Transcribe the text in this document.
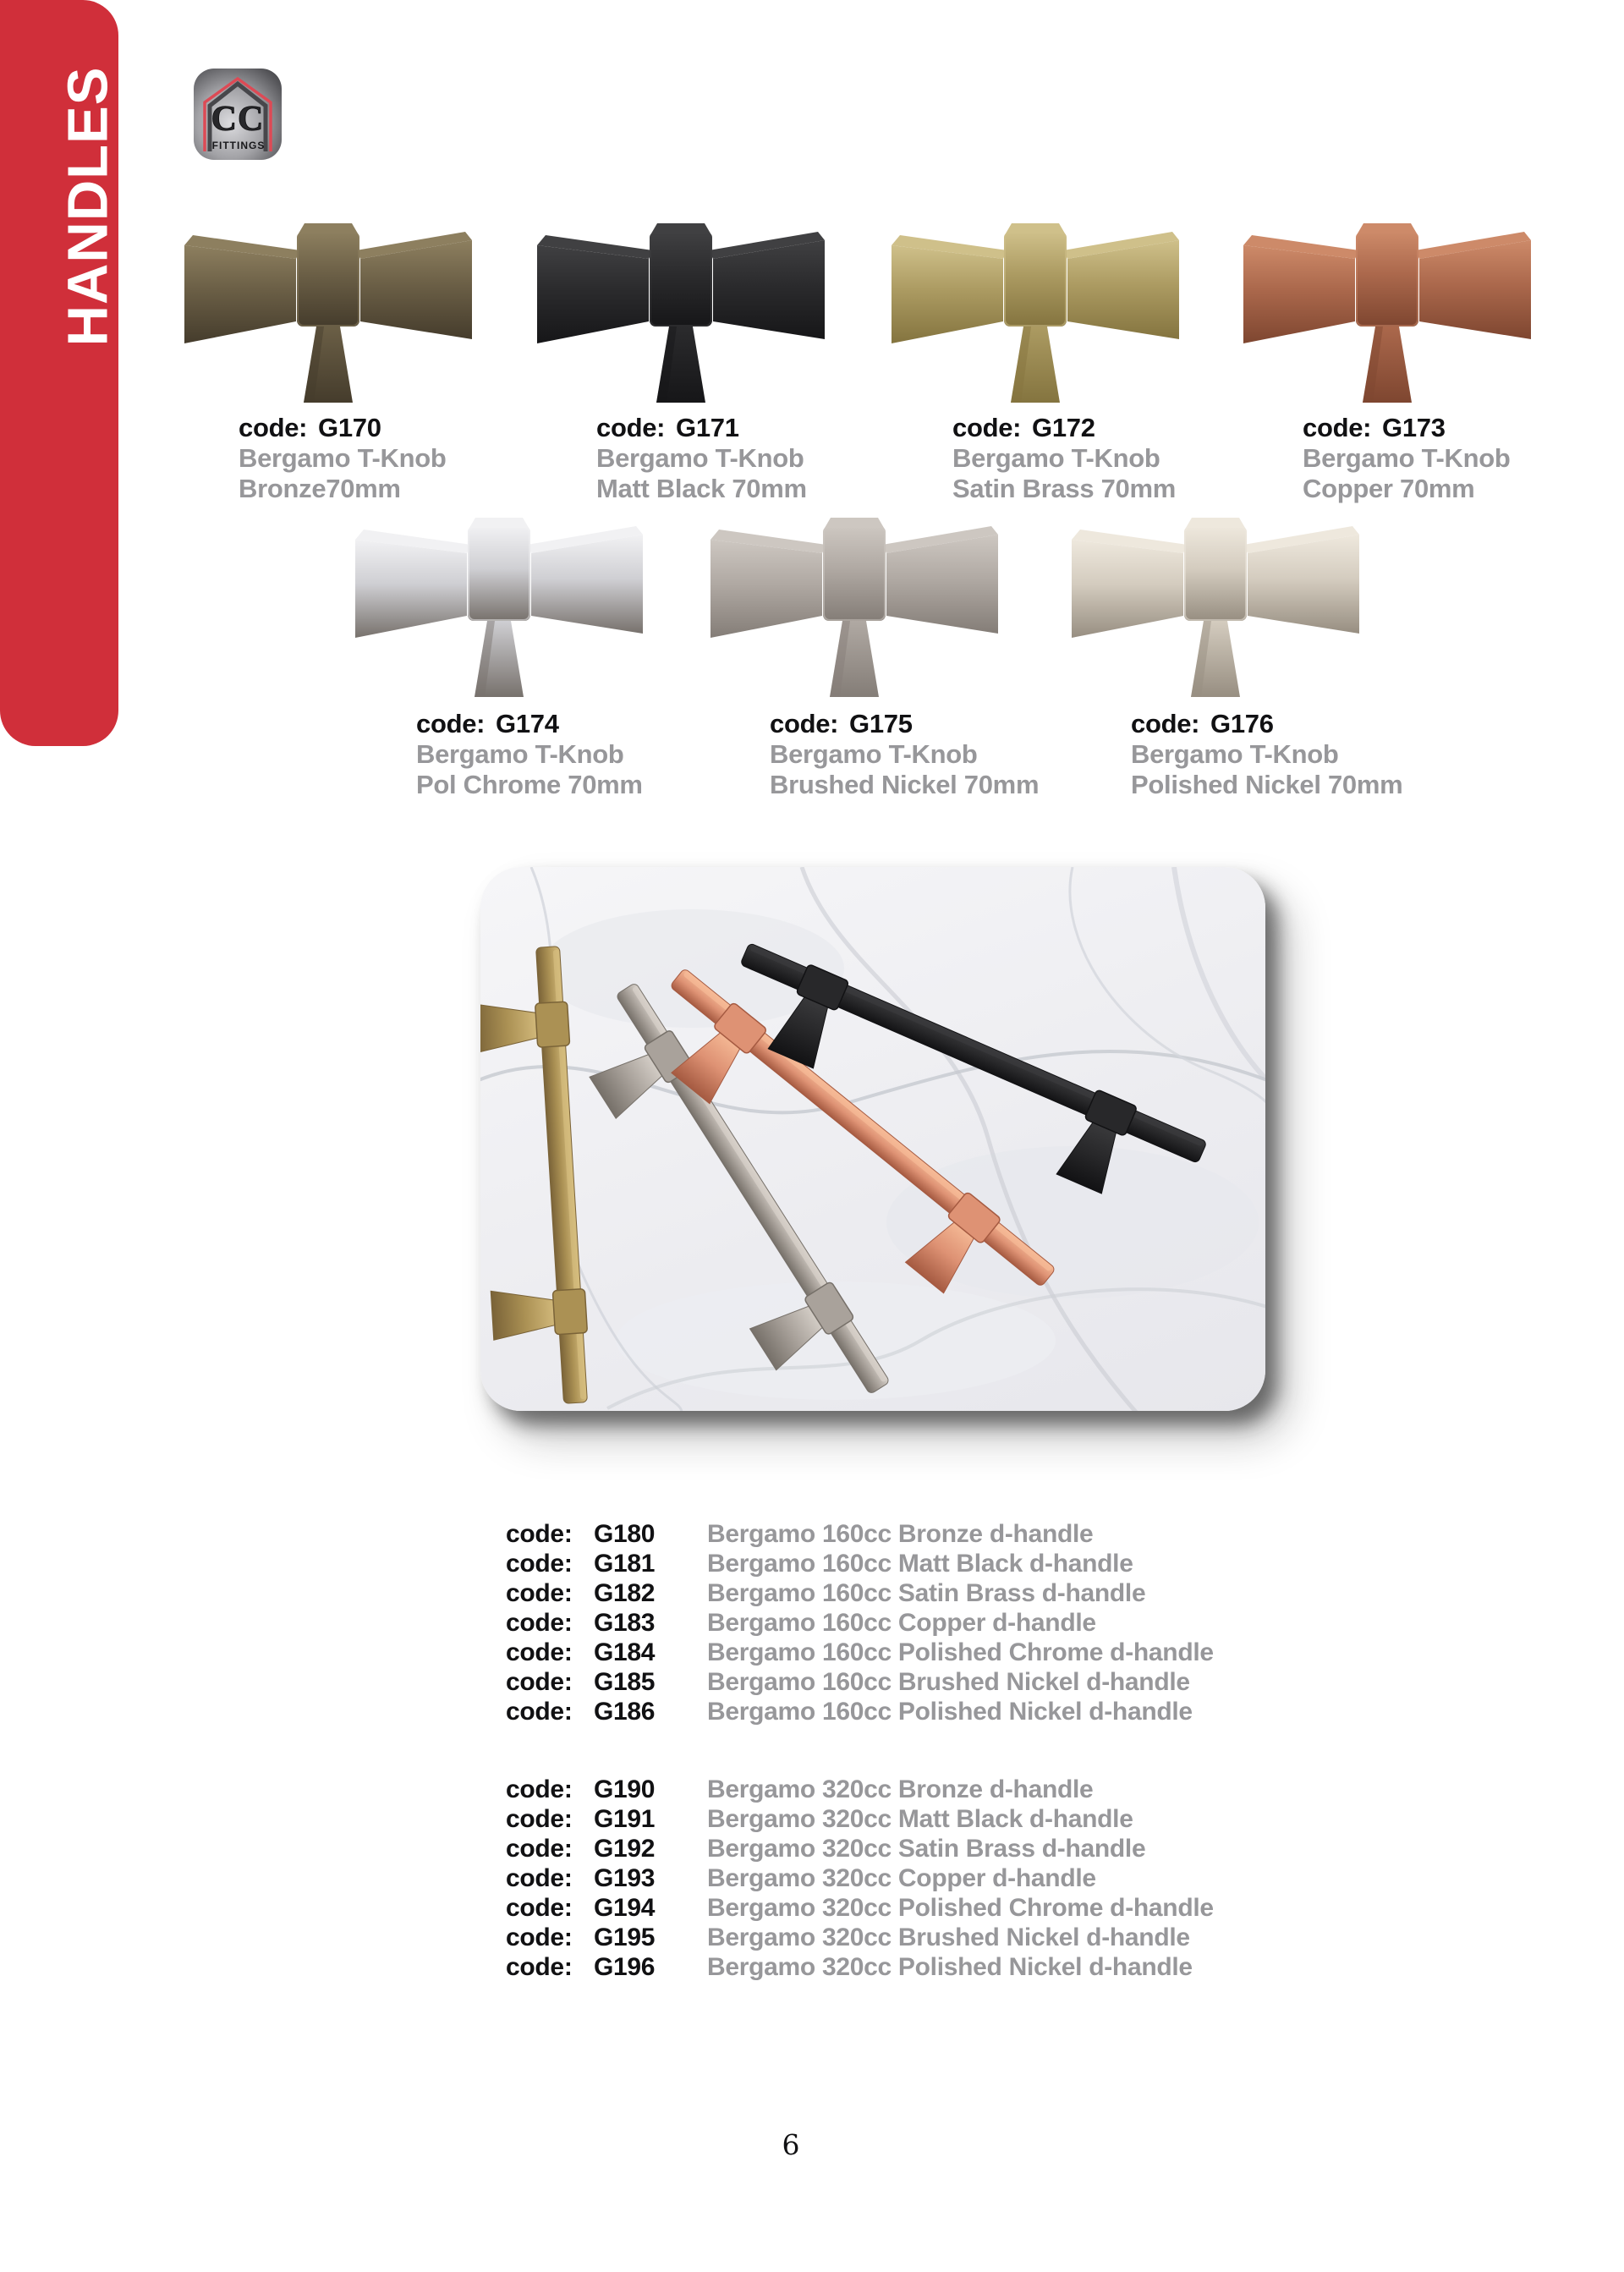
HANDLES	CC
FITTINGS
code: G170
Bergamo T-Knob
Bronze70mm
code: G171
Bergamo T-Knob
Matt Black 70mm
code: G172
Bergamo T-Knob
Satin Brass 70mm
code: G173
Bergamo T-Knob
Copper 70mm
code: G174
Bergamo T-Knob
Pol Chrome 70mm
code: G175
Bergamo T-Knob
Brushed Nickel 70mm
code: G176
Bergamo T-Knob
Polished Nickel 70mm
code: G180	Bergamo 160cc Bronze d-handle
code: G181	Bergamo 160cc Matt Black d-handle
code: G182	Bergamo 160cc Satin Brass d-handle
code: G183	Bergamo 160cc Copper d-handle
code: G184	Bergamo 160cc Polished Chrome d-handle
code: G185	Bergamo 160cc Brushed Nickel d-handle
code: G186	Bergamo 160cc Polished Nickel d-handle
code: G190	Bergamo 320cc Bronze d-handle
code: G191	Bergamo 320cc Matt Black d-handle
code: G192	Bergamo 320cc Satin Brass d-handle
code: G193	Bergamo 320cc Copper d-handle
code: G194	Bergamo 320cc Polished Chrome d-handle
code: G195	Bergamo 320cc Brushed Nickel d-handle
code: G196	Bergamo 320cc Polished Nickel d-handle
6
